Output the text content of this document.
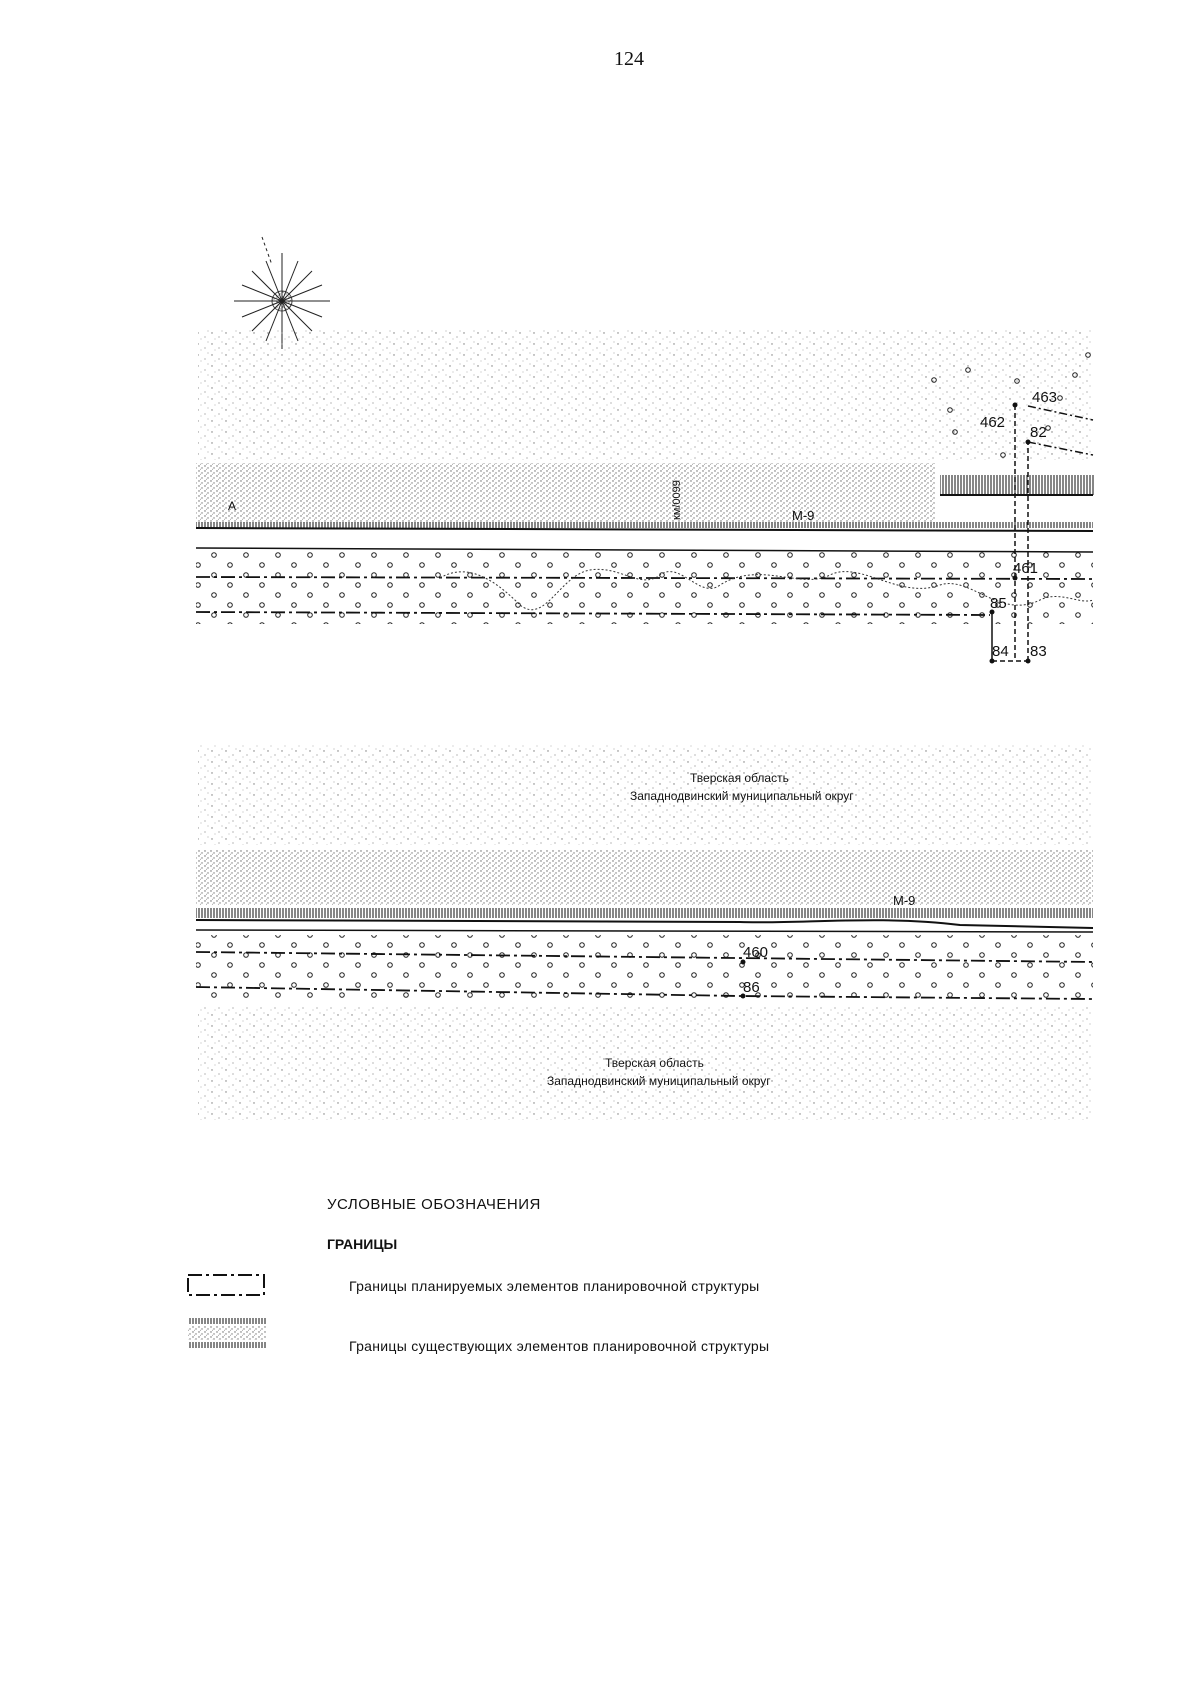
124
А
М-9
км/0099
463
462
82
461
85
84 83
М-9
Тверская область
Западнодвинский муниципальный округ
Тверская область
Западнодвинский муниципальный округ
460
86
УСЛОВНЫЕ ОБОЗНАЧЕНИЯ
ГРАНИЦЫ
Границы планируемых элементов планировочной структуры
Границы существующих элементов планировочной структуры
